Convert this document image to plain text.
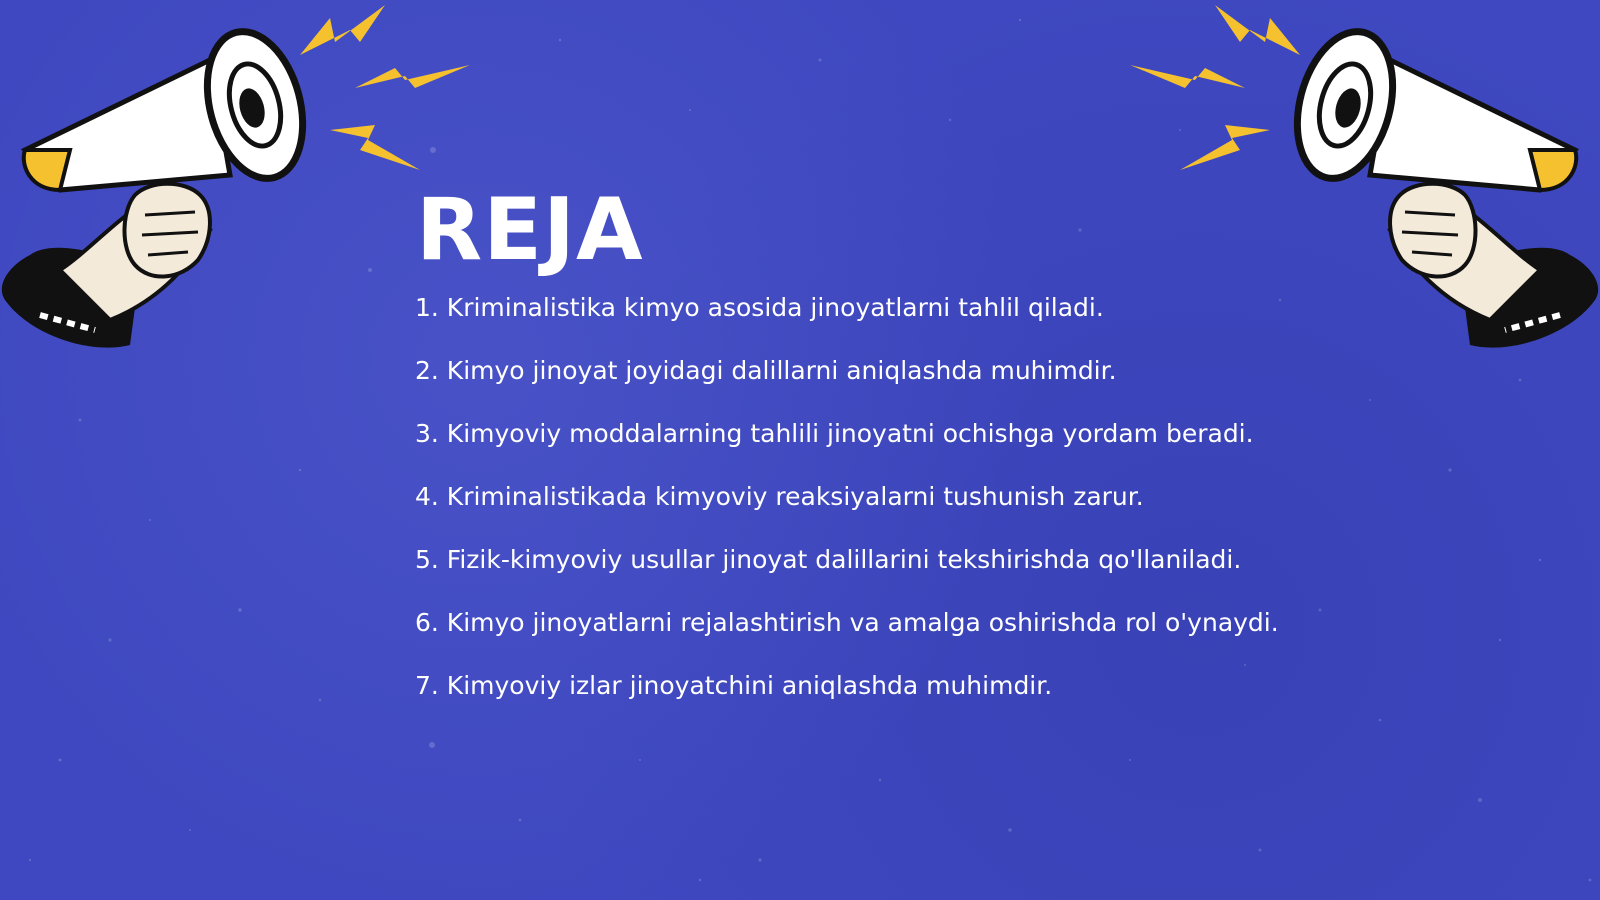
REJA
1. Kriminalistika kimyo asosida jinoyatlarni tahlil qiladi.
2. Kimyo jinoyat joyidagi dalillarni aniqlashda muhimdir.
3. Kimyoviy moddalarning tahlili jinoyatni ochishga yordam beradi.
4. Kriminalistikada kimyoviy reaksiyalarni tushunish zarur.
5. Fizik-kimyoviy usullar jinoyat dalillarini tekshirishda qo'llaniladi.
6. Kimyo jinoyatlarni rejalashtirish va amalga oshirishda rol o'ynaydi.
7. Kimyoviy izlar jinoyatchini aniqlashda muhimdir.
